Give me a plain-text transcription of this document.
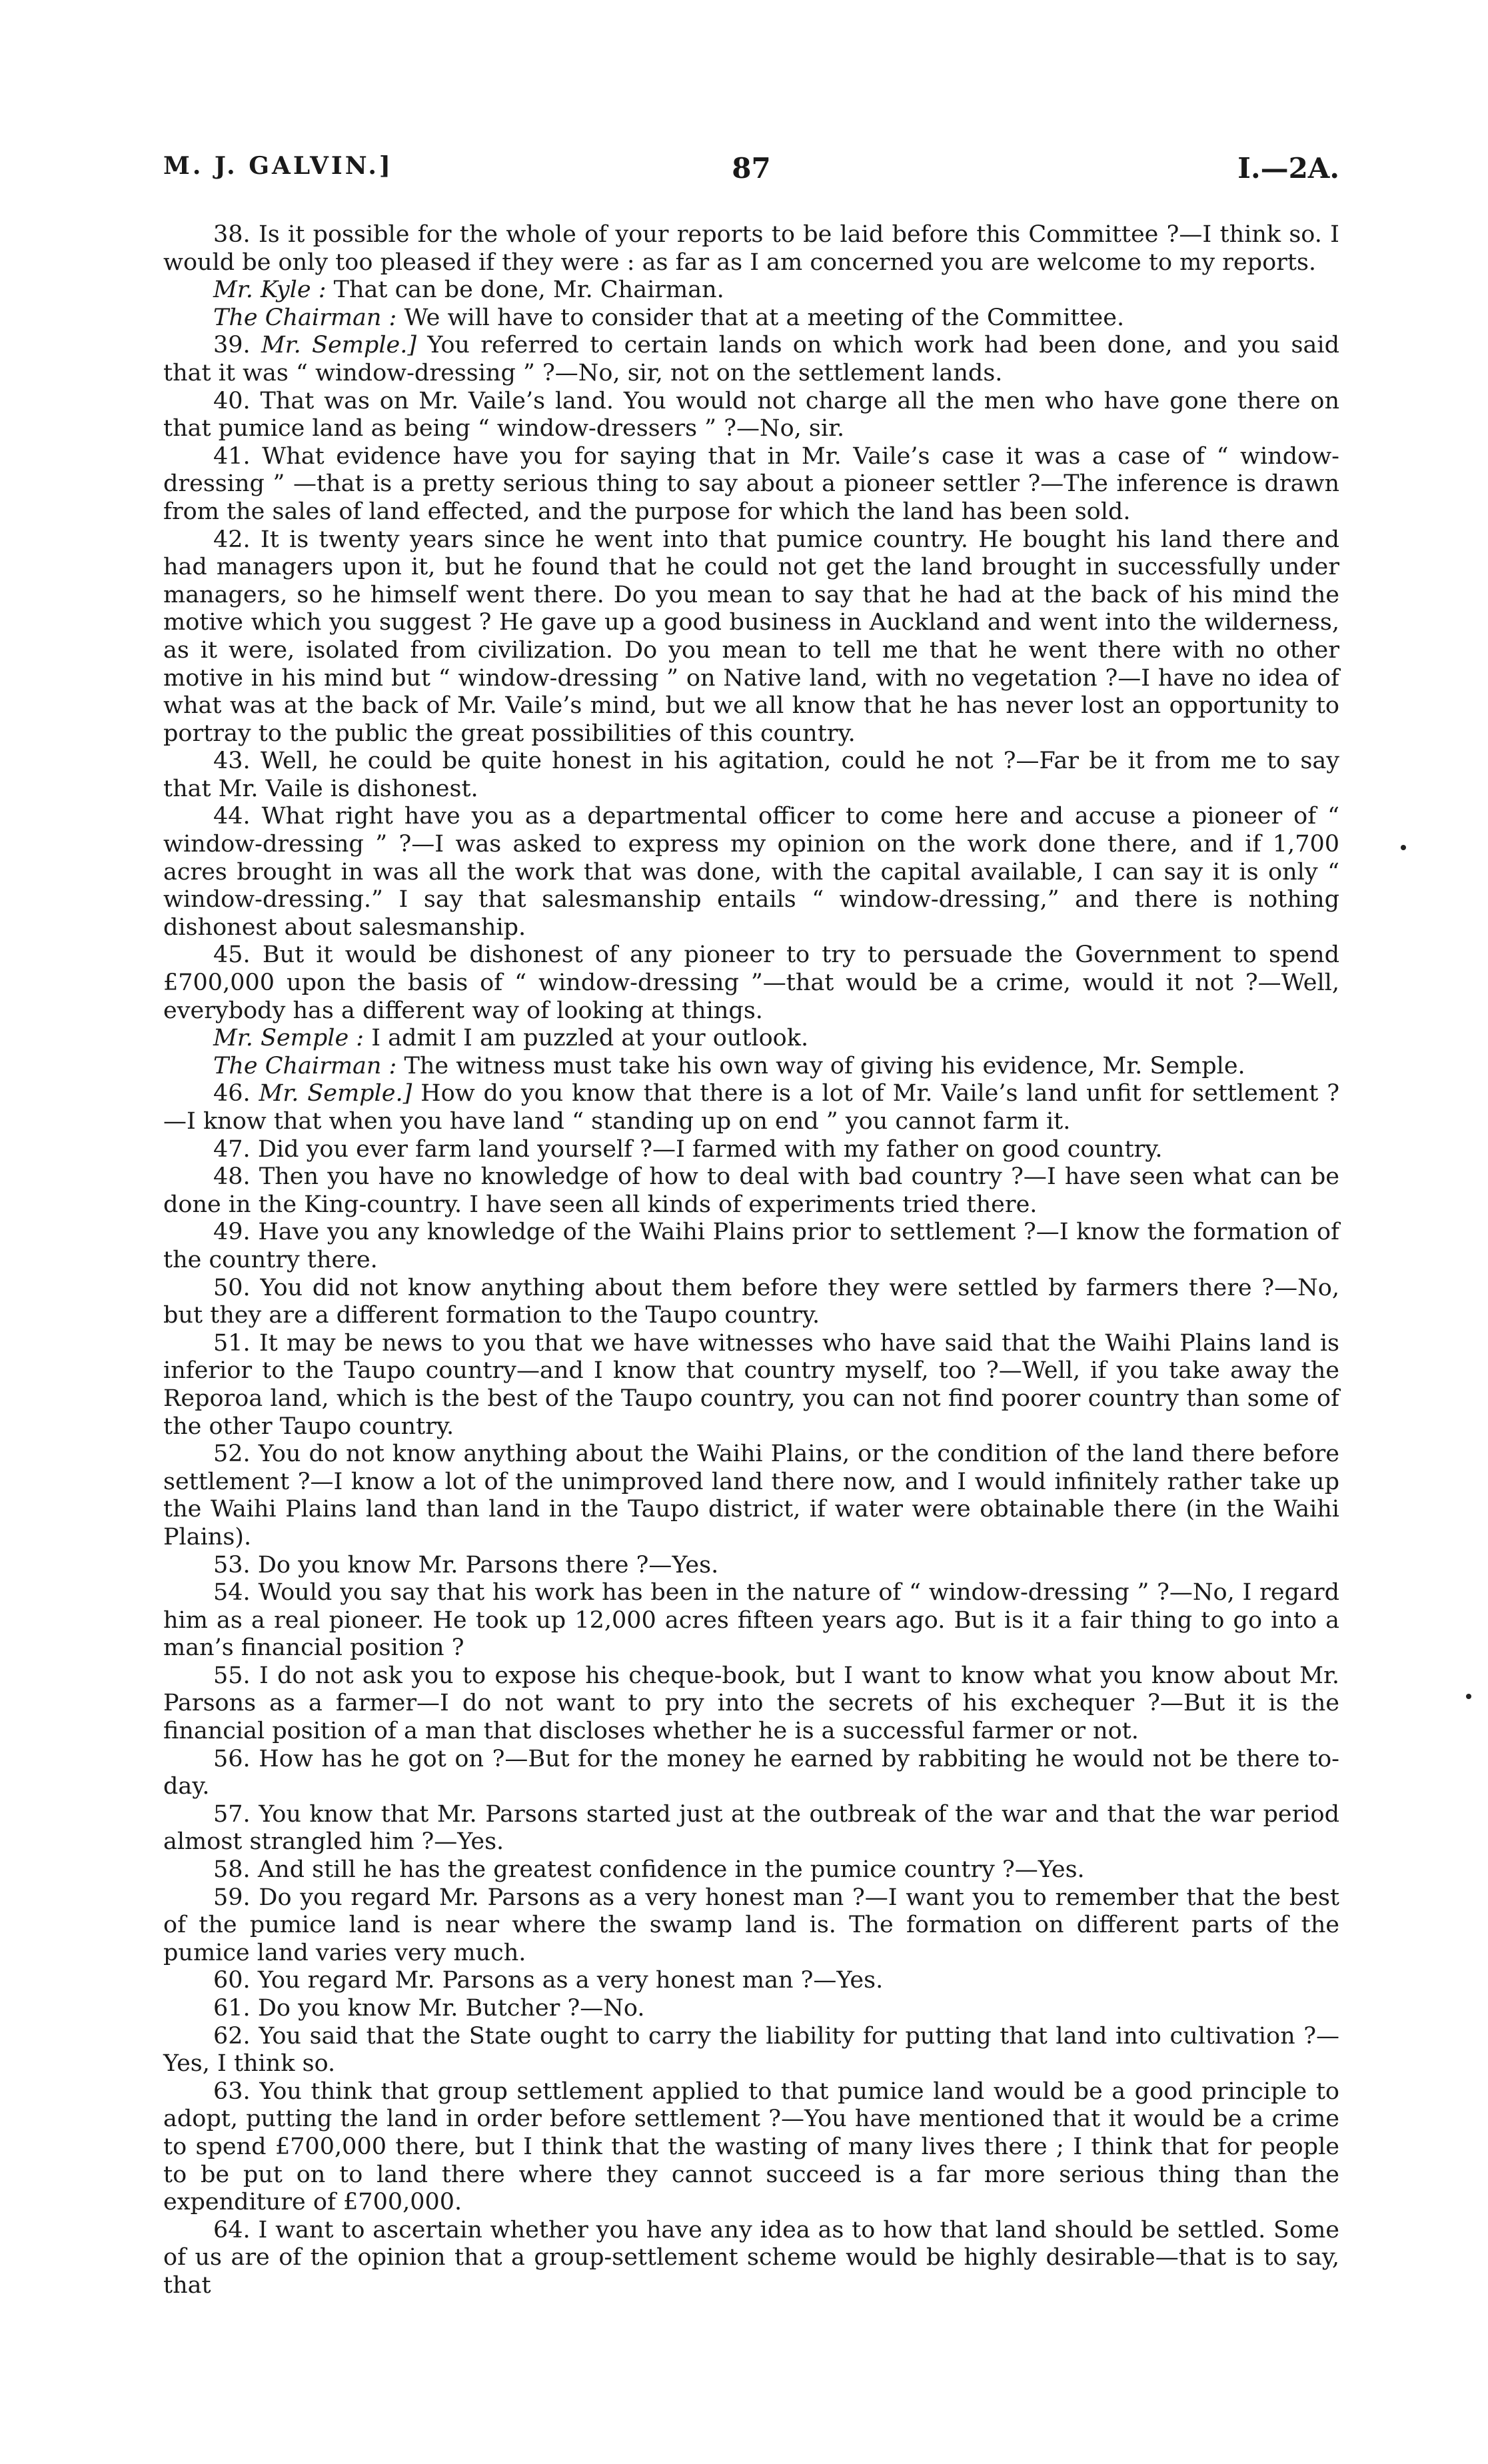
M. J. GALVIN.]	87	I.—2A.

38. Is it possible for the whole of your reports to be laid before this Committee ?—I think so. I would be only too pleased if they were : as far as I am concerned you are welcome to my reports.

Mr. Kyle : That can be done, Mr. Chairman.

The Chairman : We will have to consider that at a meeting of the Committee.

39. Mr. Semple.] You referred to certain lands on which work had been done, and you said that it was “ window-dressing ” ?—No, sir, not on the settlement lands.

40. That was on Mr. Vaile’s land. You would not charge all the men who have gone there on that pumice land as being “ window-dressers ” ?—No, sir.

41. What evidence have you for saying that in Mr. Vaile’s case it was a case of “ window-dressing ” —that is a pretty serious thing to say about a pioneer settler ?—The inference is drawn from the sales of land effected, and the purpose for which the land has been sold.

42. It is twenty years since he went into that pumice country. He bought his land there and had managers upon it, but he found that he could not get the land brought in successfully under managers, so he himself went there. Do you mean to say that he had at the back of his mind the motive which you suggest ? He gave up a good business in Auckland and went into the wilderness, as it were, isolated from civilization. Do you mean to tell me that he went there with no other motive in his mind but “ window-dressing ” on Native land, with no vegetation ?—I have no idea of what was at the back of Mr. Vaile’s mind, but we all know that he has never lost an opportunity to portray to the public the great possibilities of this country.

43. Well, he could be quite honest in his agitation, could he not ?—Far be it from me to say that Mr. Vaile is dishonest.

44. What right have you as a departmental officer to come here and accuse a pioneer of “ window-dressing ” ?—I was asked to express my opinion on the work done there, and if 1,700 acres brought in was all the work that was done, with the capital available, I can say it is only “ window-dressing.” I say that salesmanship entails “ window-dressing,” and there is nothing dishonest about salesmanship.

45. But it would be dishonest of any pioneer to try to persuade the Government to spend £700,000 upon the basis of “ window-dressing ”—that would be a crime, would it not ?—Well, everybody has a different way of looking at things.

Mr. Semple : I admit I am puzzled at your outlook.

The Chairman : The witness must take his own way of giving his evidence, Mr. Semple.

46. Mr. Semple.] How do you know that there is a lot of Mr. Vaile’s land unfit for settlement ? —I know that when you have land “ standing up on end ” you cannot farm it.

47. Did you ever farm land yourself ?—I farmed with my father on good country.

48. Then you have no knowledge of how to deal with bad country ?—I have seen what can be done in the King-country. I have seen all kinds of experiments tried there.

49. Have you any knowledge of the Waihi Plains prior to settlement ?—I know the formation of the country there.

50. You did not know anything about them before they were settled by farmers there ?—No, but they are a different formation to the Taupo country.

51. It may be news to you that we have witnesses who have said that the Waihi Plains land is inferior to the Taupo country—and I know that country myself, too ?—Well, if you take away the Reporoa land, which is the best of the Taupo country, you can not find poorer country than some of the other Taupo country.

52. You do not know anything about the Waihi Plains, or the condition of the land there before settlement ?—I know a lot of the unimproved land there now, and I would infinitely rather take up the Waihi Plains land than land in the Taupo district, if water were obtainable there (in the Waihi Plains).

53. Do you know Mr. Parsons there ?—Yes.

54. Would you say that his work has been in the nature of “ window-dressing ” ?—No, I regard him as a real pioneer. He took up 12,000 acres fifteen years ago. But is it a fair thing to go into a man’s financial position ?

55. I do not ask you to expose his cheque-book, but I want to know what you know about Mr. Parsons as a farmer—I do not want to pry into the secrets of his exchequer ?—But it is the financial position of a man that discloses whether he is a successful farmer or not.

56. How has he got on ?—But for the money he earned by rabbiting he would not be there to-day.

57. You know that Mr. Parsons started just at the outbreak of the war and that the war period almost strangled him ?—Yes.

58. And still he has the greatest confidence in the pumice country ?—Yes.

59. Do you regard Mr. Parsons as a very honest man ?—I want you to remember that the best of the pumice land is near where the swamp land is. The formation on different parts of the pumice land varies very much.

60. You regard Mr. Parsons as a very honest man ?—Yes.

61. Do you know Mr. Butcher ?—No.

62. You said that the State ought to carry the liability for putting that land into cultivation ?— Yes, I think so.

63. You think that group settlement applied to that pumice land would be a good principle to adopt, putting the land in order before settlement ?—You have mentioned that it would be a crime to spend £700,000 there, but I think that the wasting of many lives there ; I think that for people to be put on to land there where they cannot succeed is a far more serious thing than the expenditure of £700,000.

64. I want to ascertain whether you have any idea as to how that land should be settled. Some of us are of the opinion that a group-settlement scheme would be highly desirable—that is to say, that
